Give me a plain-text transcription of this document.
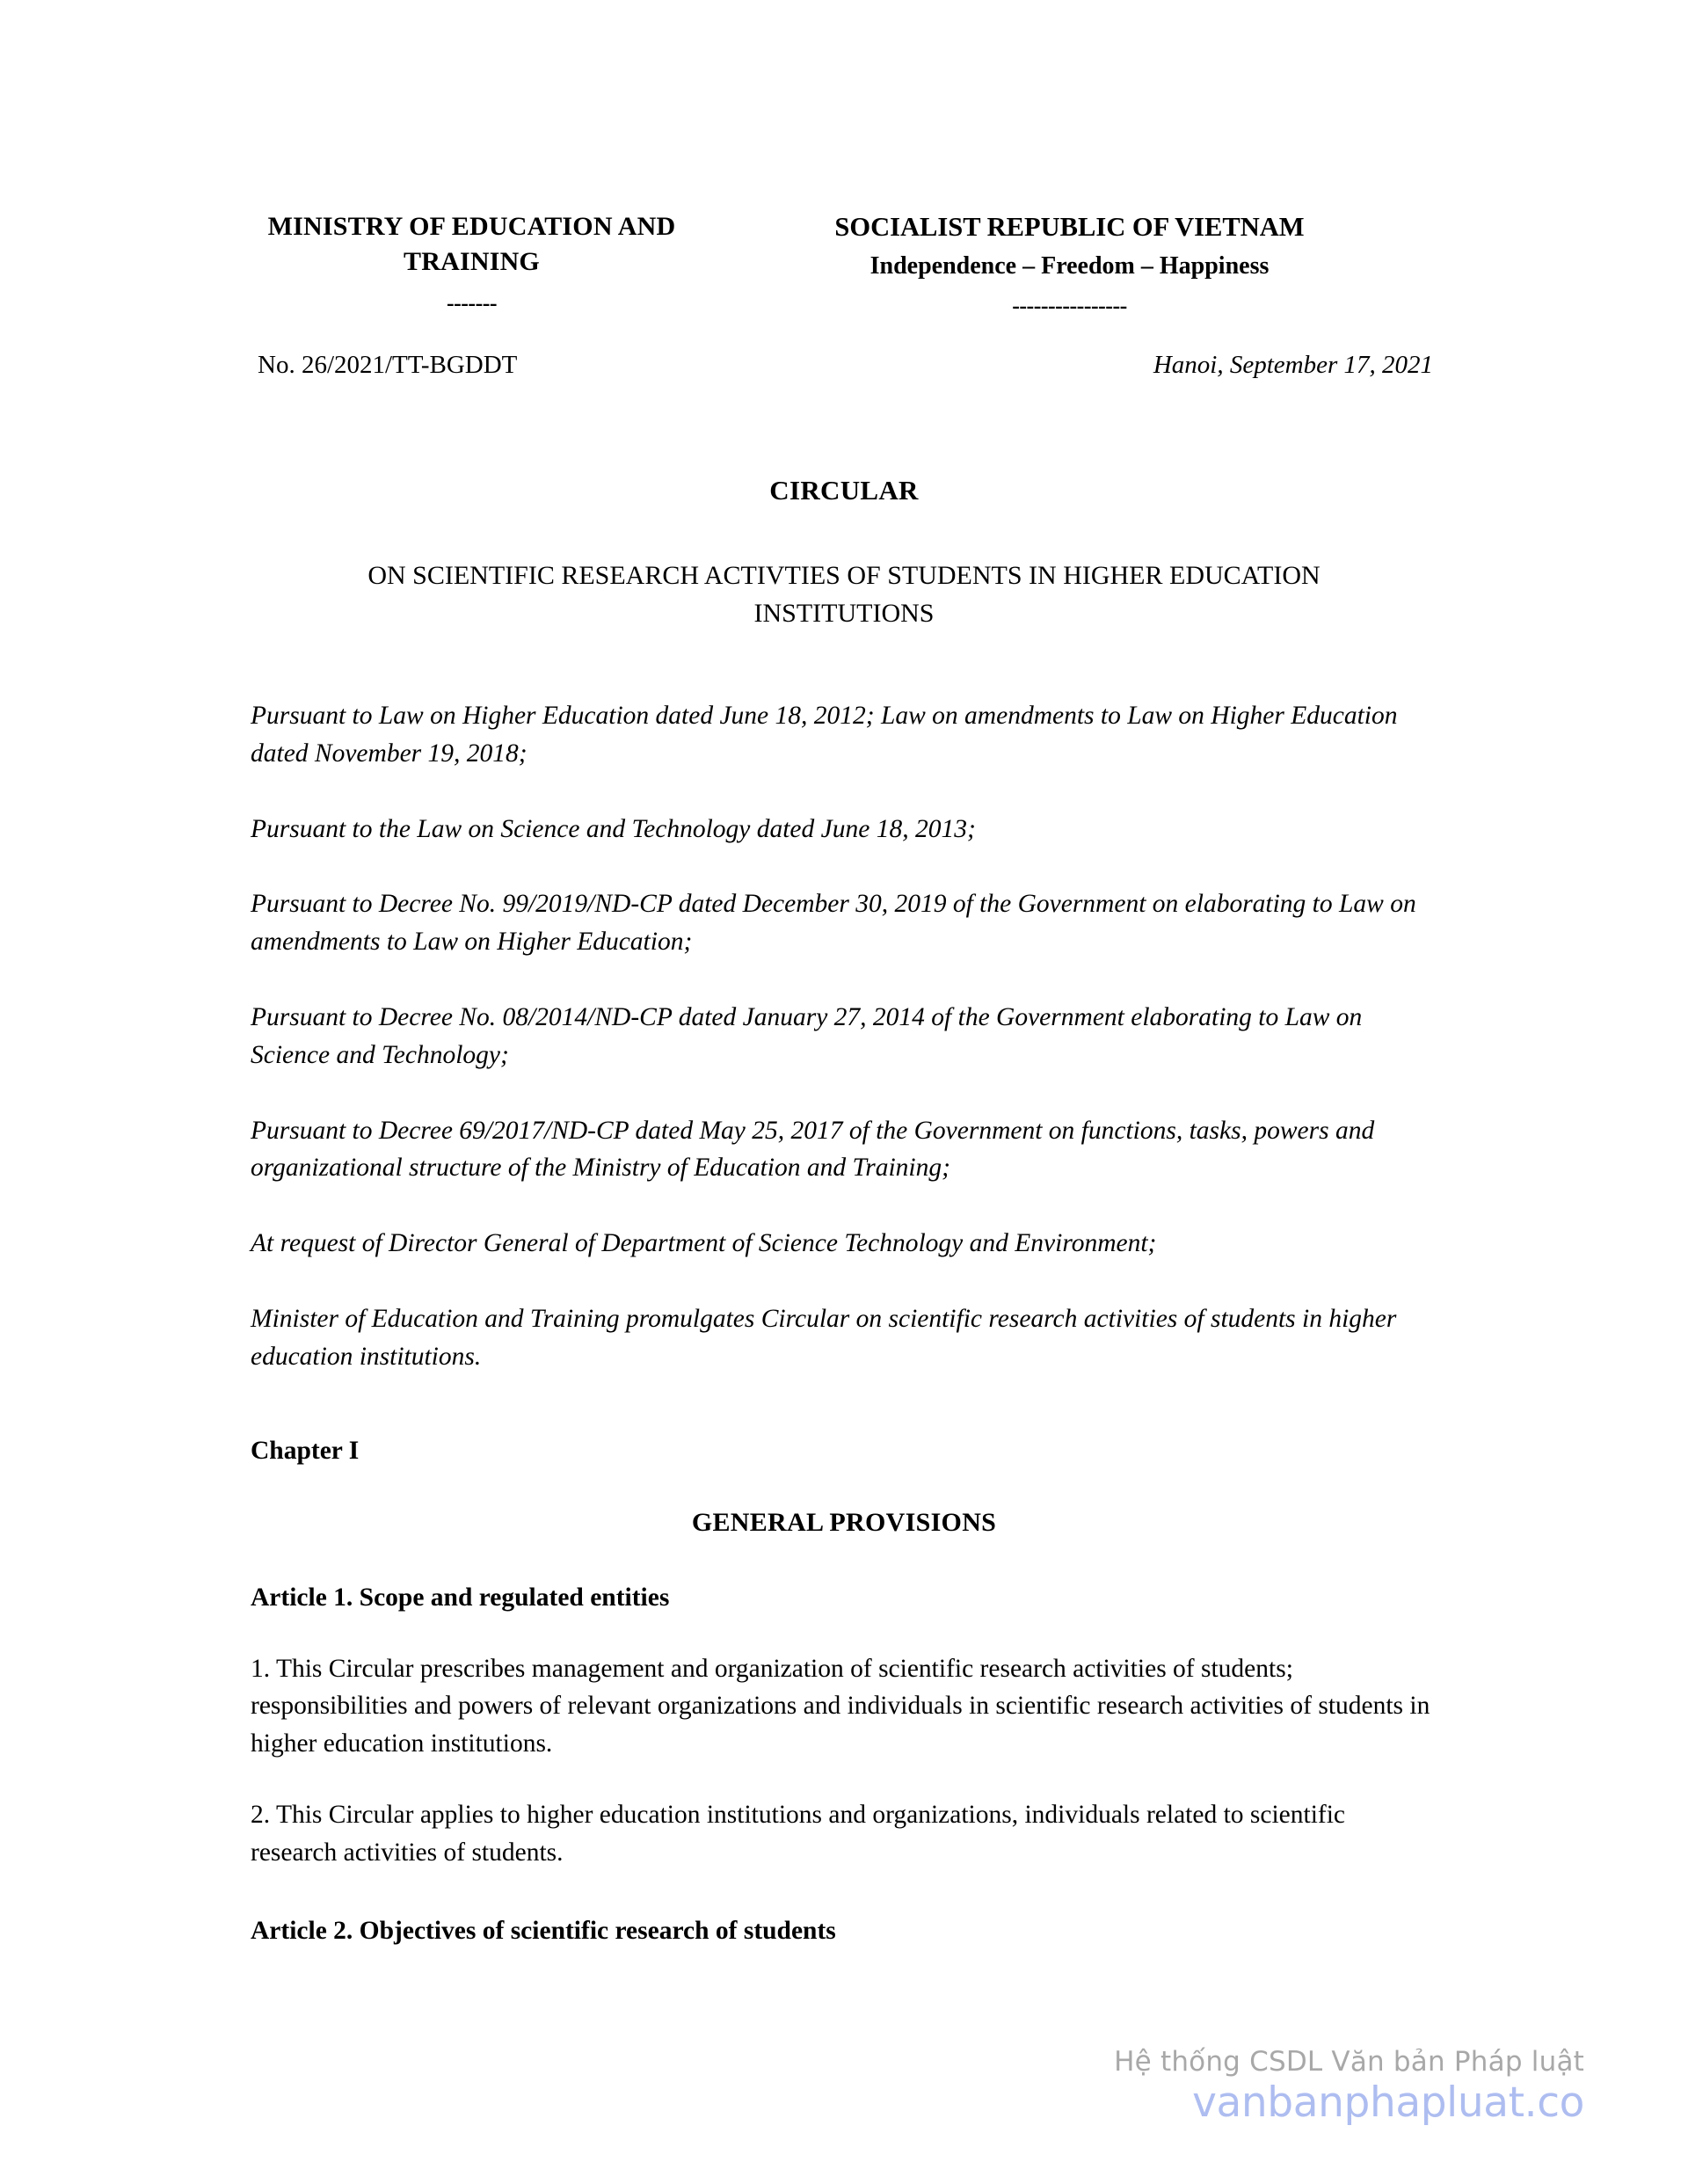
MINISTRY OF EDUCATION AND TRAINING
-------
SOCIALIST REPUBLIC OF VIETNAM
Independence – Freedom – Happiness
----------------
No. 26/2021/TT-BGDDT	Hanoi, September 17, 2021
CIRCULAR
ON SCIENTIFIC RESEARCH ACTIVTIES OF STUDENTS IN HIGHER EDUCATION INSTITUTIONS
Pursuant to Law on Higher Education dated June 18, 2012; Law on amendments to Law on Higher Education dated November 19, 2018;
Pursuant to the Law on Science and Technology dated June 18, 2013;
Pursuant to Decree No. 99/2019/ND-CP dated December 30, 2019 of the Government on elaborating to Law on amendments to Law on Higher Education;
Pursuant to Decree No. 08/2014/ND-CP dated January 27, 2014 of the Government elaborating to Law on Science and Technology;
Pursuant to Decree 69/2017/ND-CP dated May 25, 2017 of the Government on functions, tasks, powers and organizational structure of the Ministry of Education and Training;
At request of Director General of Department of Science Technology and Environment;
Minister of Education and Training promulgates Circular on scientific research activities of students in higher education institutions.
Chapter I
GENERAL PROVISIONS
Article 1. Scope and regulated entities
1. This Circular prescribes management and organization of scientific research activities of students; responsibilities and powers of relevant organizations and individuals in scientific research activities of students in higher education institutions.
2. This Circular applies to higher education institutions and organizations, individuals related to scientific research activities of students.
Article 2. Objectives of scientific research of students
Hệ thống CSDL Văn bản Pháp luật
vanbanphapluat.co
